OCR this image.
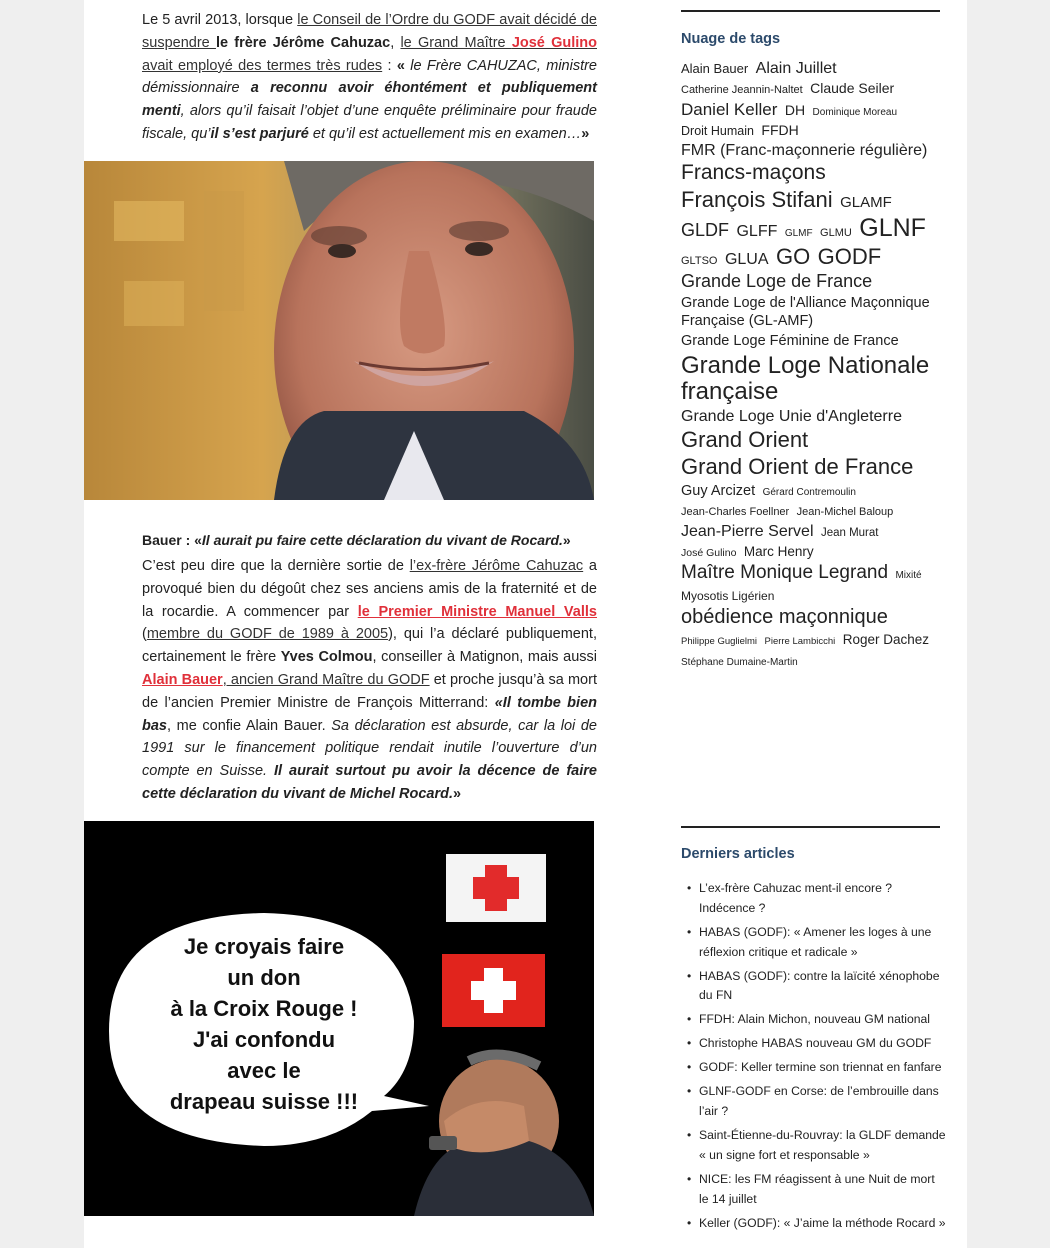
Le 5 avril 2013, lorsque le Conseil de l’Ordre du GODF avait décidé de suspendre le frère Jérôme Cahuzac, le Grand Maître José Gulino avait employé des termes très rudes : « le Frère CAHUZAC, ministre démissionnaire a reconnu avoir éhontément et publiquement menti, alors qu’il faisait l’objet d’une enquête préliminaire pour fraude fiscale, qu’il s’est parjuré et qu’il est actuellement mis en examen…»

Bauer : «Il aurait pu faire cette déclaration du vivant de Rocard.»

C’est peu dire que la dernière sortie de l’ex-frère Jérôme Cahuzac a provoqué bien du dégoût chez ses anciens amis de la fraternité et de la rocardie. A commencer par le Premier Ministre Manuel Valls (membre du GODF de 1989 à 2005), qui l’a déclaré publiquement, certainement le frère Yves Colmou, conseiller à Matignon, mais aussi Alain Bauer, ancien Grand Maître du GODF et proche jusqu’à sa mort de l’ancien Premier Ministre de François Mitterrand: «Il tombe bien bas, me confie Alain Bauer. Sa déclaration est absurde, car la loi de 1991 sur le financement politique rendait inutile l’ouverture d’un compte en Suisse. Il aurait surtout pu avoir la décence de faire cette déclaration du vivant de Michel Rocard.»

Je croyais faire
un don
à la Croix Rouge !
J'ai confondu
avec le
drapeau suisse !!!
Nuage de tags
Alain Bauer Alain Juillet
Catherine Jeannin-Naltet Claude Seiler
Daniel Keller DH Dominique Moreau
Droit Humain FFDH
FMR (Franc-maçonnerie régulière)
Francs-maçons
François Stifani GLAMF
GLDF GLFF GLMF GLMU GLNF
GLTSO GLUA GO GODF
Grande Loge de France
Grande Loge de l'Alliance Maçonnique Française (GL-AMF)
Grande Loge Féminine de France
Grande Loge Nationale française
Grande Loge Unie d'Angleterre
Grand Orient
Grand Orient de France
Guy Arcizet Gérard Contremoulin
Jean-Charles Foellner Jean-Michel Baloup
Jean-Pierre Servel Jean Murat
José Gulino Marc Henry
Maître Monique Legrand Mixité
Myosotis Ligérien
obédience maçonnique
Philippe Guglielmi Pierre Lambicchi Roger Dachez
Stéphane Dumaine-Martin
Derniers articles
• L’ex-frère Cahuzac ment-il encore ? Indécence ?
• HABAS (GODF): « Amener les loges à une réflexion critique et radicale »
• HABAS (GODF): contre la laïcité xénophobe du FN
• FFDH: Alain Michon, nouveau GM national
• Christophe HABAS nouveau GM du GODF
• GODF: Keller termine son triennat en fanfare
• GLNF-GODF en Corse: de l’embrouille dans l’air ?
• Saint-Étienne-du-Rouvray: la GLDF demande « un signe fort et responsable »
• NICE: les FM réagissent à une Nuit de mort le 14 juillet
• Keller (GODF): « J’aime la méthode Rocard »
